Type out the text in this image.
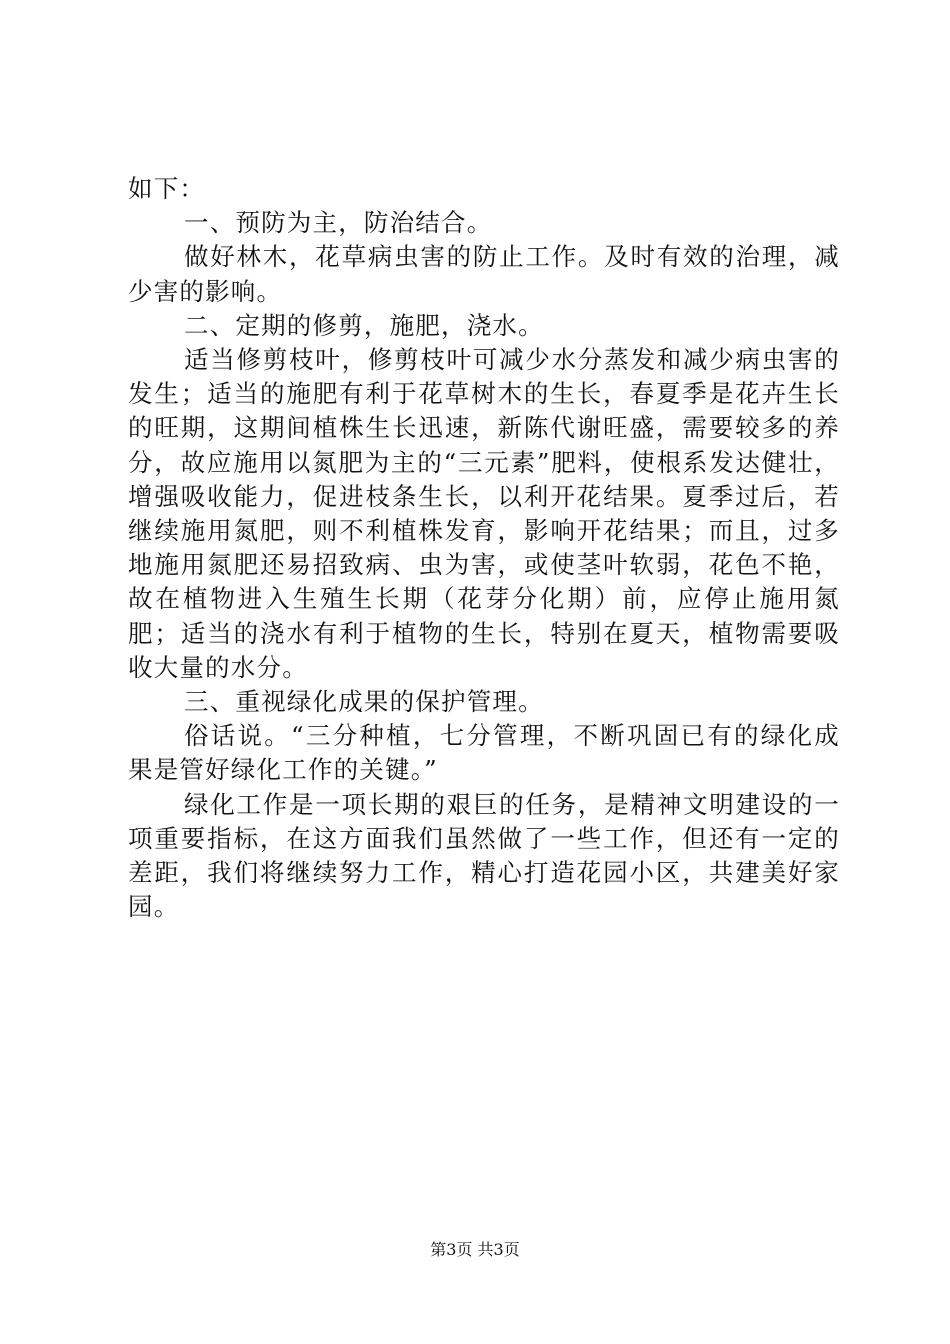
如下：

一、预防为主，防治结合。

做好林木，花草病虫害的防止工作。及时有效的治理，减少害的影响。

二、定期的修剪，施肥，浇水。

适当修剪枝叶，修剪枝叶可减少水分蒸发和减少病虫害的发生；适当的施肥有利于花草树木的生长，春夏季是花卉生长的旺期，这期间植株生长迅速，新陈代谢旺盛，需要较多的养分，故应施用以氮肥为主的“三元素”肥料，使根系发达健壮，增强吸收能力，促进枝条生长，以利开花结果。夏季过后，若继续施用氮肥，则不利植株发育，影响开花结果；而且，过多地施用氮肥还易招致病、虫为害，或使茎叶软弱，花色不艳，故在植物进入生殖生长期（花芽分化期）前，应停止施用氮肥；适当的浇水有利于植物的生长，特别在夏天，植物需要吸收大量的水分。

三、重视绿化成果的保护管理。

俗话说。“三分种植，七分管理，不断巩固已有的绿化成果是管好绿化工作的关键。”

绿化工作是一项长期的艰巨的任务，是精神文明建设的一项重要指标，在这方面我们虽然做了一些工作，但还有一定的差距，我们将继续努力工作，精心打造花园小区，共建美好家园。

第3页 共3页
